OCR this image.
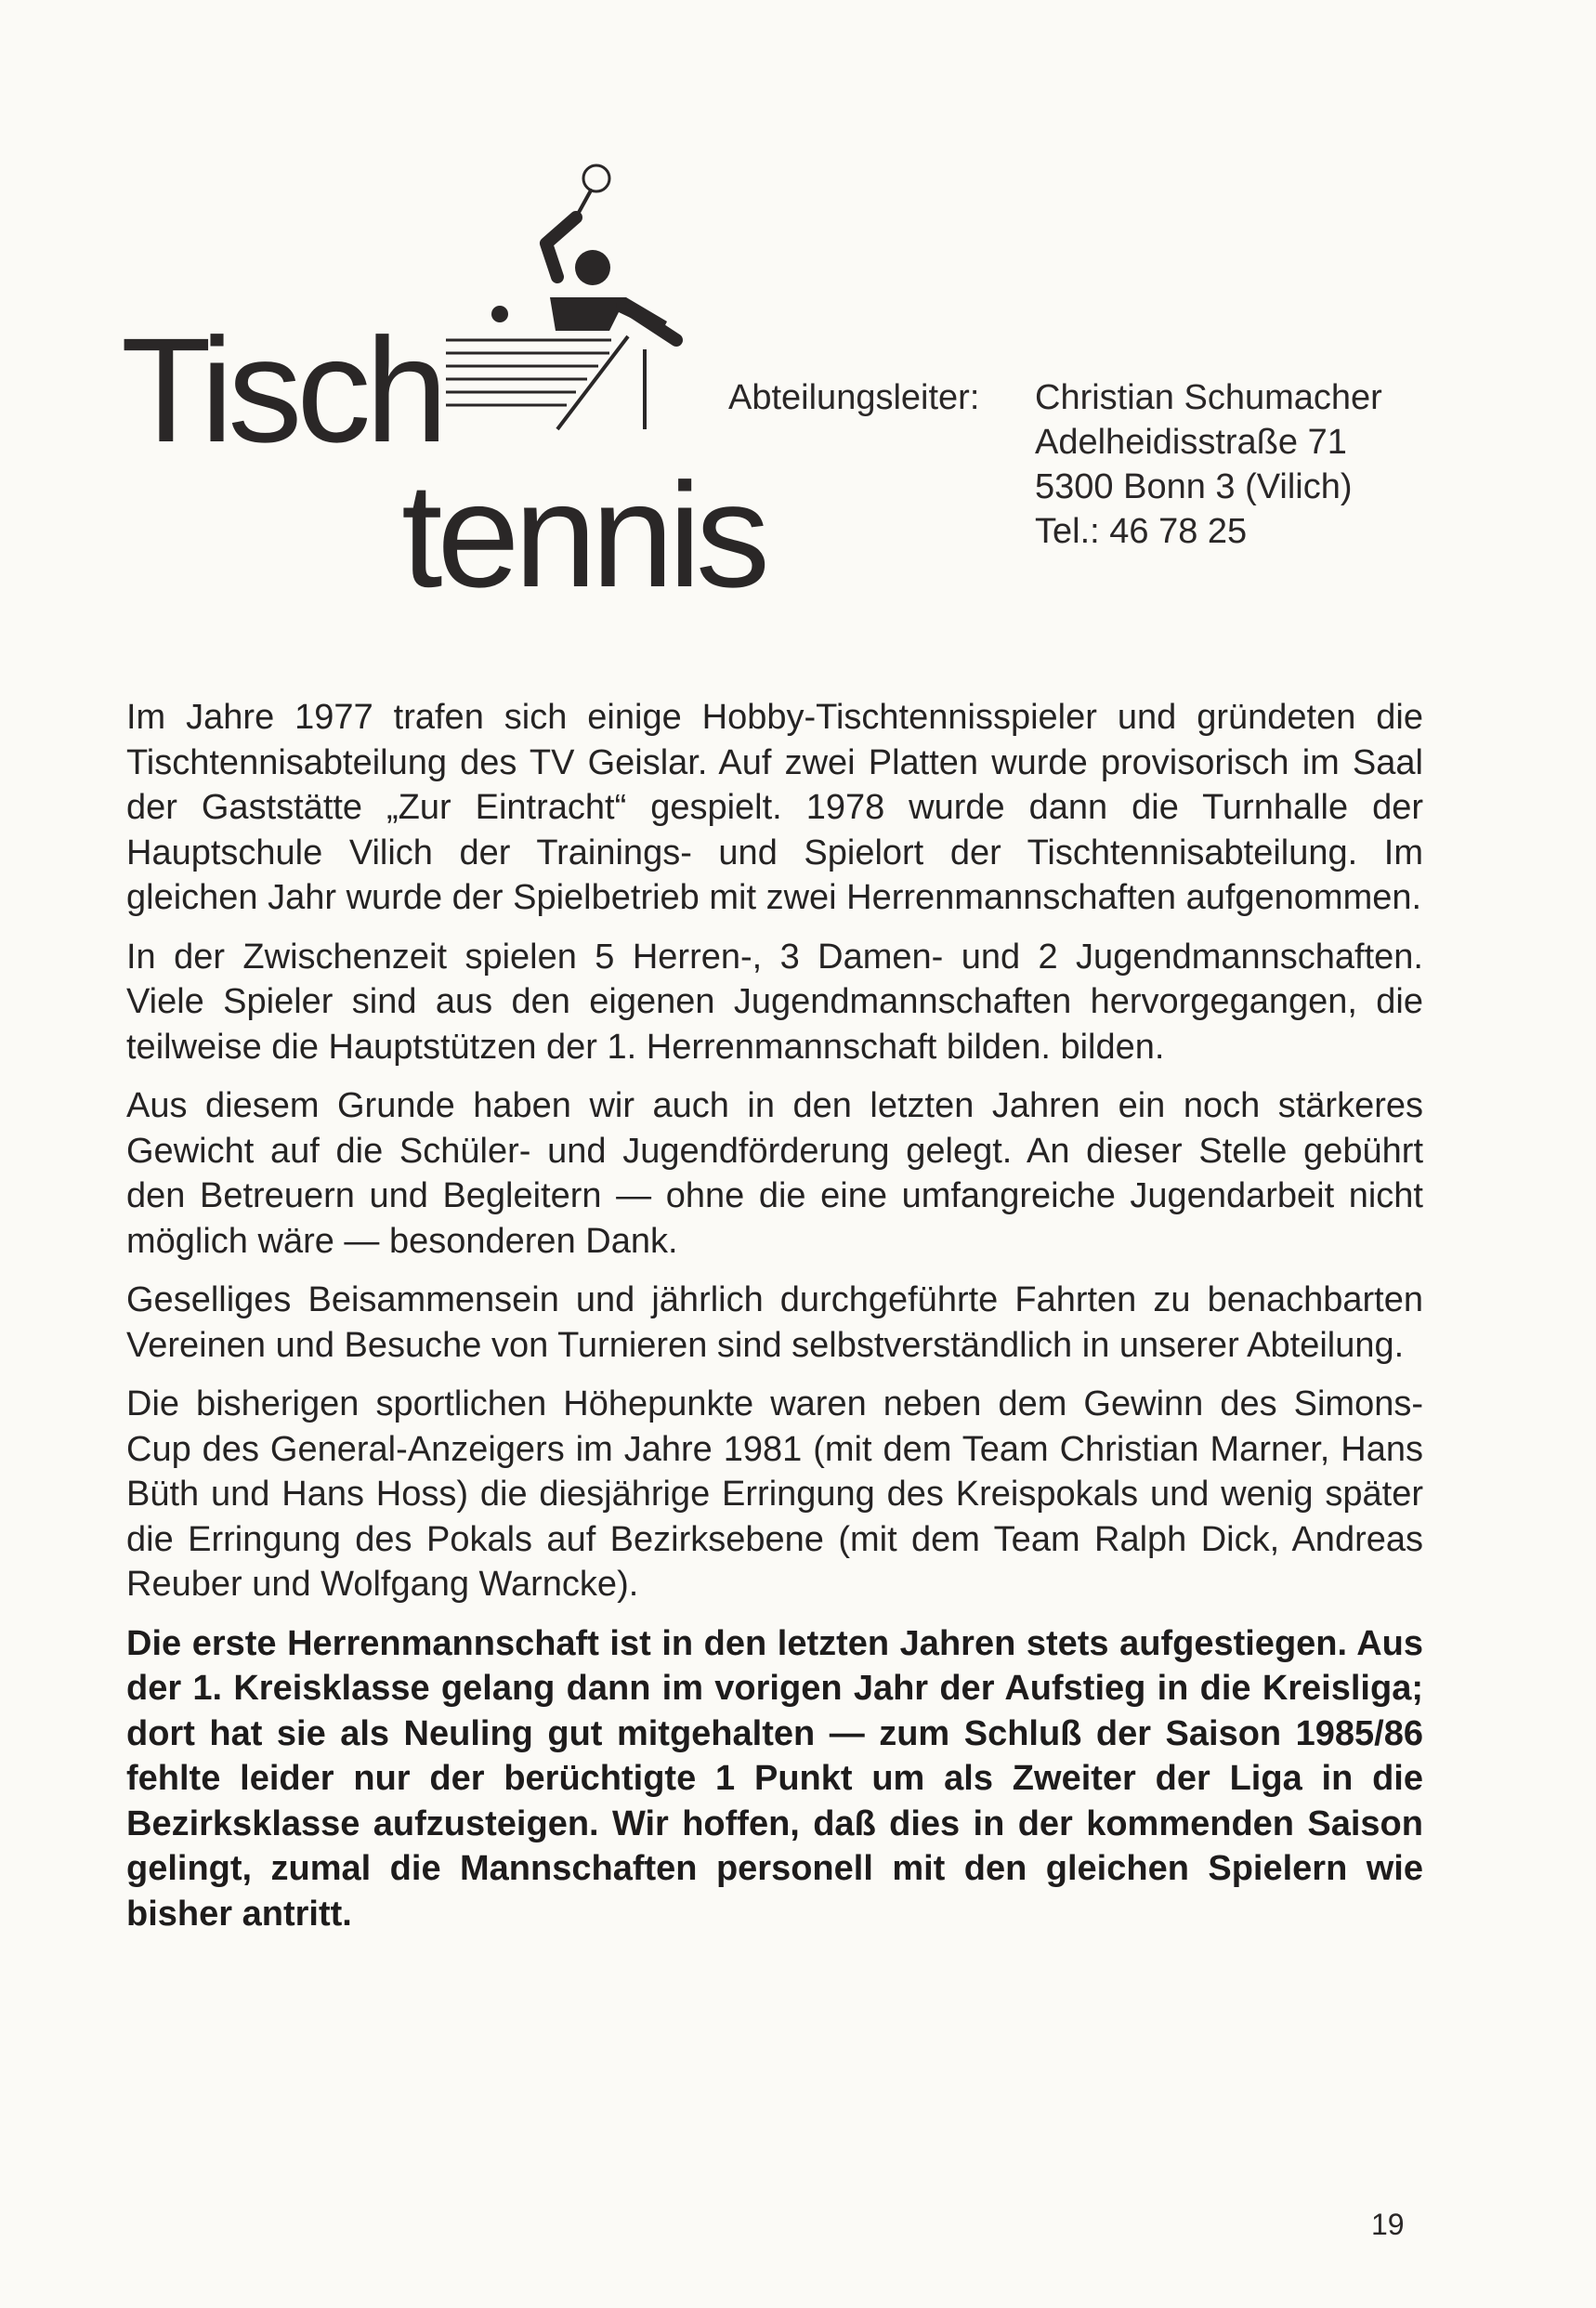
Tisch
tennis
Abteilungsleiter:	Christian Schumacher
Adelheidisstraße 71
5300 Bonn 3 (Vilich)
Tel.: 46 78 25

Im Jahre 1977 trafen sich einige Hobby-Tischtennisspieler und gründeten die Tischtennisabteilung des TV Geislar. Auf zwei Platten wurde provisorisch im Saal der Gaststätte „Zur Eintracht“ gespielt. 1978 wurde dann die Turnhalle der Hauptschule Vilich der Trainings- und Spielort der Tischtennisabteilung. Im gleichen Jahr wurde der Spielbetrieb mit zwei Herrenmannschaften aufgenommen.

In der Zwischenzeit spielen 5 Herren-, 3 Damen- und 2 Jugendmannschaften. Viele Spieler sind aus den eigenen Jugendmannschaften hervorgegangen, die teilweise die Hauptstützen der 1. Herrenmannschaft bilden. bilden.

Aus diesem Grunde haben wir auch in den letzten Jahren ein noch stärkeres Gewicht auf die Schüler- und Jugendförderung gelegt. An dieser Stelle gebührt den Betreuern und Begleitern — ohne die eine umfangreiche Jugendarbeit nicht möglich wäre — besonderen Dank.

Geselliges Beisammensein und jährlich durchgeführte Fahrten zu benachbarten Vereinen und Besuche von Turnieren sind selbstverständlich in unserer Abteilung.

Die bisherigen sportlichen Höhepunkte waren neben dem Gewinn des Simons-Cup des General-Anzeigers im Jahre 1981 (mit dem Team Christian Marner, Hans Büth und Hans Hoss) die diesjährige Erringung des Kreispokals und wenig später die Erringung des Pokals auf Bezirksebene (mit dem Team Ralph Dick, Andreas Reuber und Wolfgang Warncke).

Die erste Herrenmannschaft ist in den letzten Jahren stets aufgestiegen. Aus der 1. Kreisklasse gelang dann im vorigen Jahr der Aufstieg in die Kreisliga; dort hat sie als Neuling gut mitgehalten — zum Schluß der Saison 1985/86 fehlte leider nur der berüchtigte 1 Punkt um als Zweiter der Liga in die Bezirksklasse aufzusteigen. Wir hoffen, daß dies in der kommenden Saison gelingt, zumal die Mannschaften personell mit den gleichen Spielern wie bisher antritt.

19
